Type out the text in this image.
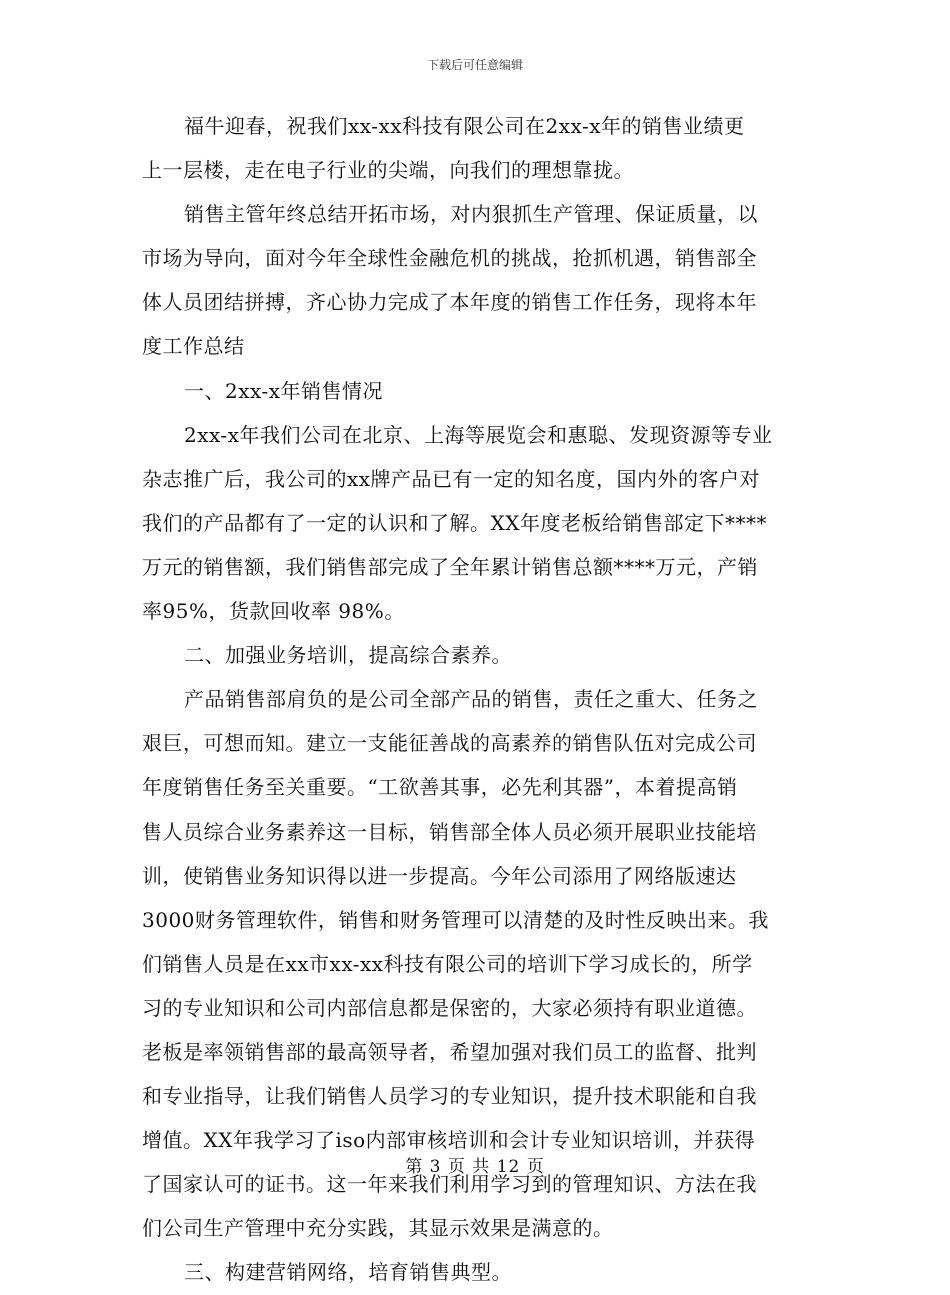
下载后可任意编辑
福牛迎春，祝我们xx-xx科技有限公司在2xx-x年的销售业绩更
上一层楼，走在电子行业的尖端，向我们的理想靠拢。
销售主管年终总结开拓市场，对内狠抓生产管理、保证质量，以
市场为导向，面对今年全球性金融危机的挑战，抢抓机遇，销售部全
体人员团结拼搏，齐心协力完成了本年度的销售工作任务，现将本年
度工作总结
一、2xx-x年销售情况
2xx-x年我们公司在北京、上海等展览会和惠聪、发现资源等专业
杂志推广后，我公司的xx牌产品已有一定的知名度，国内外的客户对
我们的产品都有了一定的认识和了解。XX年度老板给销售部定下****
万元的销售额，我们销售部完成了全年累计销售总额****万元，产销
率95%，货款回收率 98%。
二、加强业务培训，提高综合素养。
产品销售部肩负的是公司全部产品的销售，责任之重大、任务之
艰巨，可想而知。建立一支能征善战的高素养的销售队伍对完成公司
年度销售任务至关重要。“工欲善其事，必先利其器”，本着提高销
售人员综合业务素养这一目标，销售部全体人员必须开展职业技能培
训，使销售业务知识得以进一步提高。今年公司添用了网络版速达
3000财务管理软件，销售和财务管理可以清楚的及时性反映出来。我
们销售人员是在xx市xx-xx科技有限公司的培训下学习成长的，所学
习的专业知识和公司内部信息都是保密的，大家必须持有职业道德。
老板是率领销售部的最高领导者，希望加强对我们员工的监督、批判
和专业指导，让我们销售人员学习的专业知识，提升技术职能和自我
增值。XX年我学习了iso内部审核培训和会计专业知识培训，并获得
了国家认可的证书。这一年来我们利用学习到的管理知识、方法在我
们公司生产管理中充分实践，其显示效果是满意的。
三、构建营销网络，培育销售典型。
第 3 页 共 12 页
